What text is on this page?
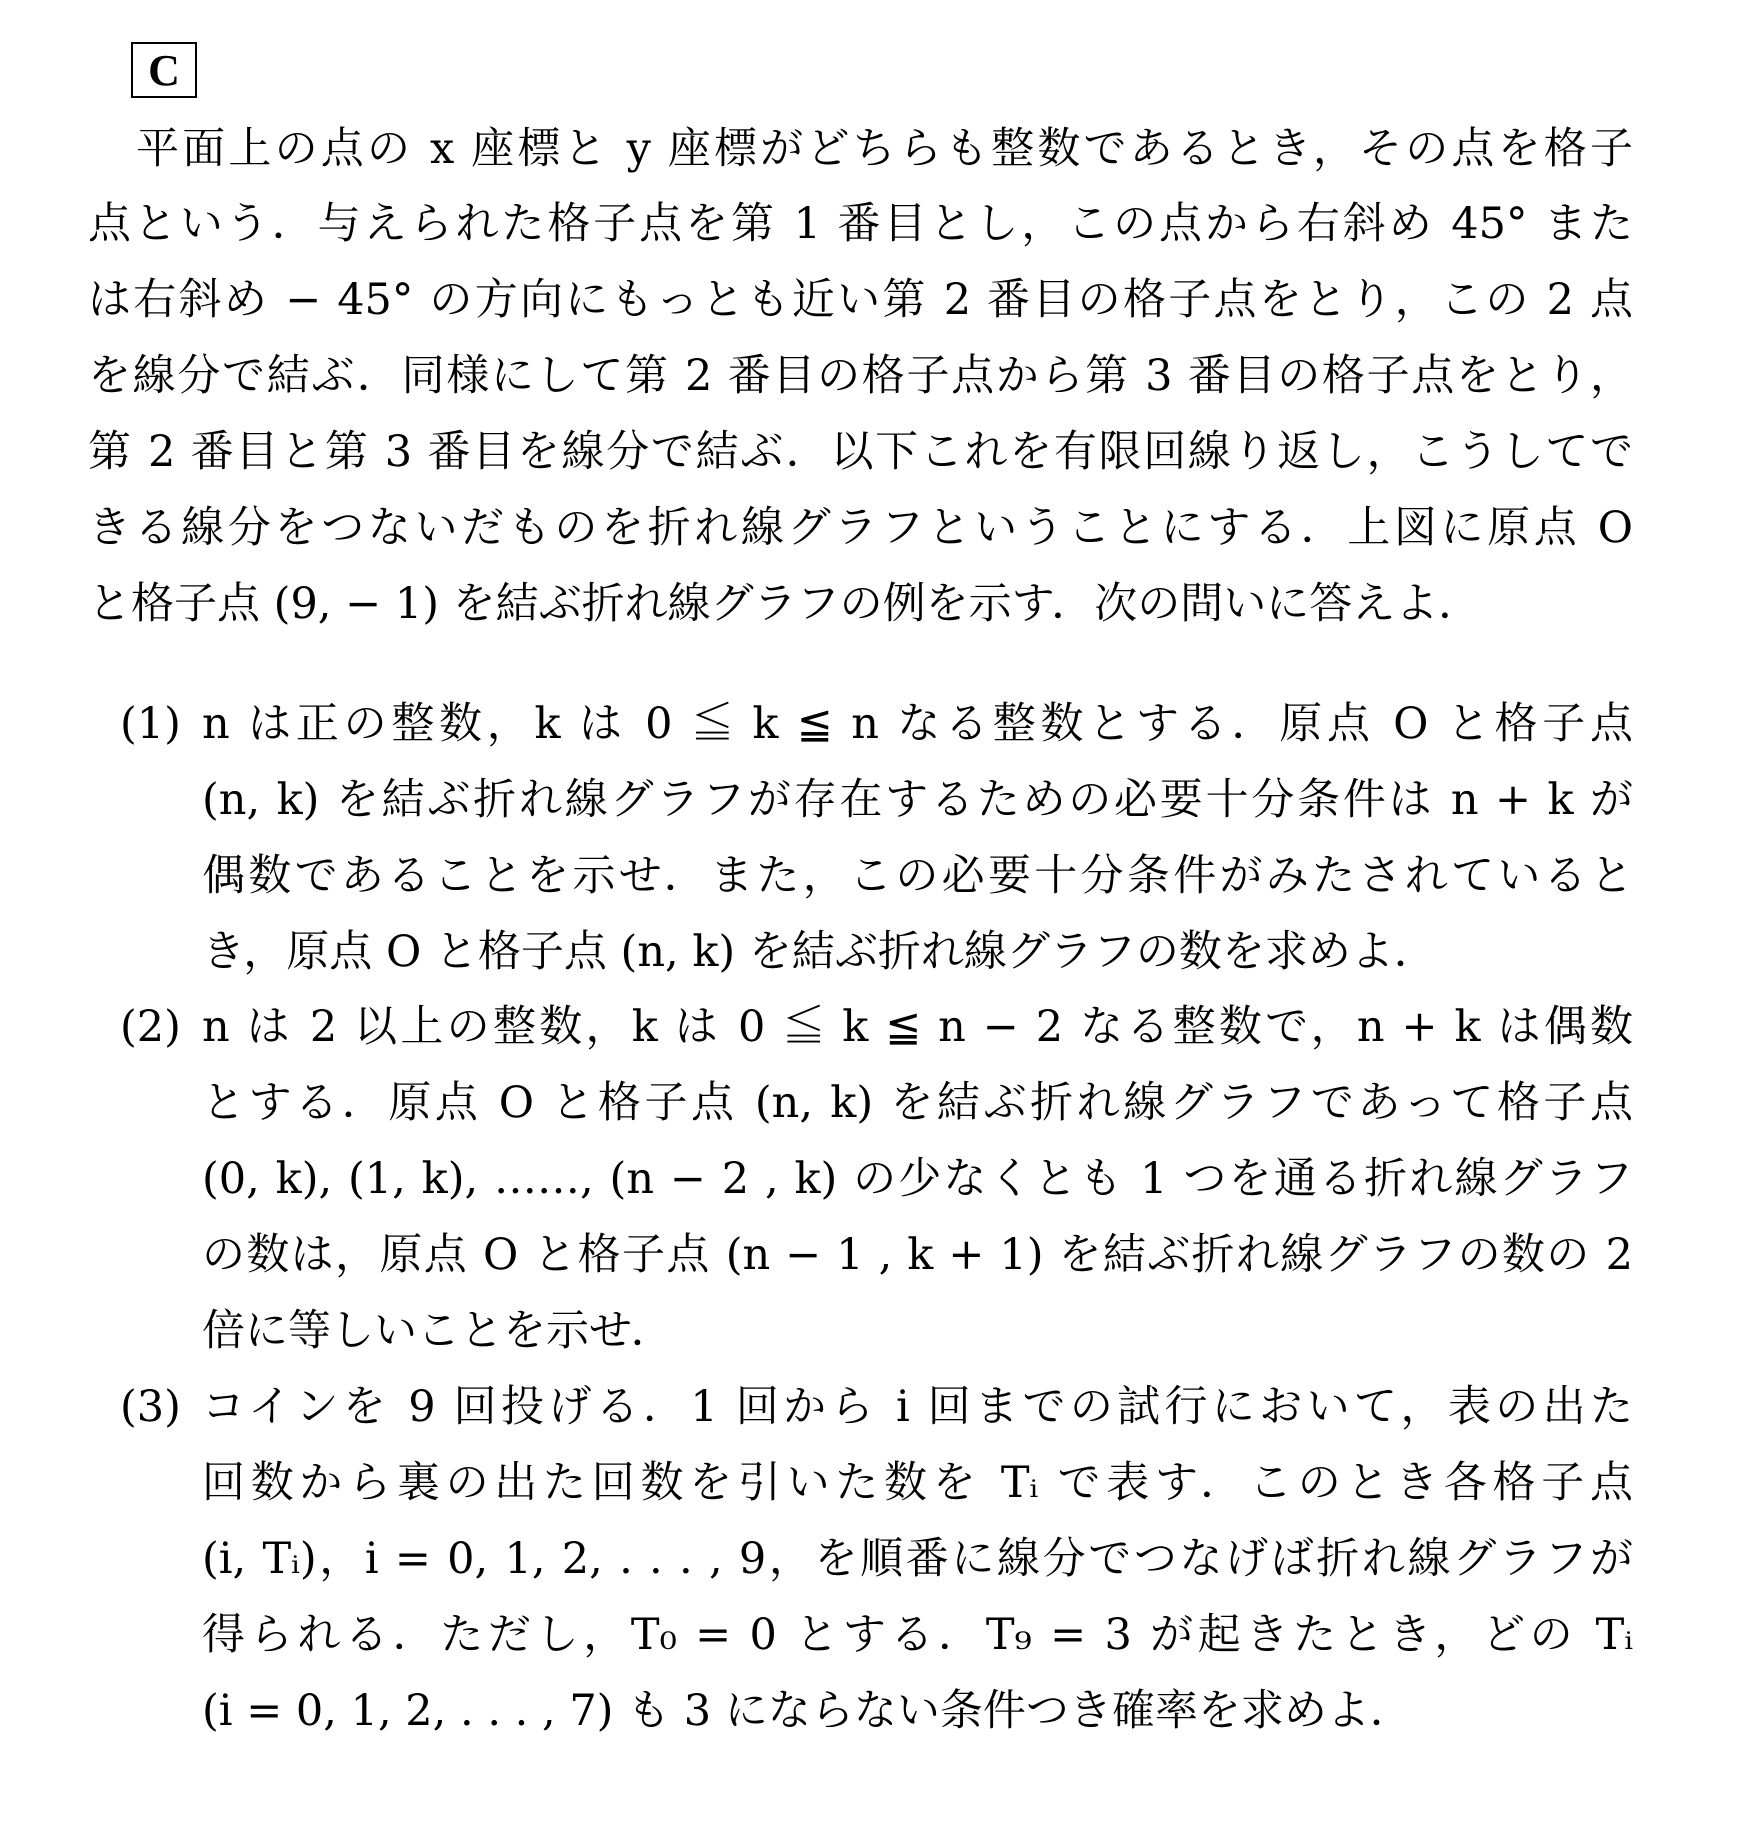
C
平面上の点の x 座標と y 座標がどちらも整数であるとき，その点を格子
点という．与えられた格子点を第 1 番目とし，この点から右斜め 45° また
は右斜め − 45° の方向にもっとも近い第 2 番目の格子点をとり，この 2 点
を線分で結ぶ．同様にして第 2 番目の格子点から第 3 番目の格子点をとり，
第 2 番目と第 3 番目を線分で結ぶ．以下これを有限回線り返し，こうしてで
きる線分をつないだものを折れ線グラフということにする．上図に原点 O
と格子点 (9, − 1) を結ぶ折れ線グラフの例を示す．次の問いに答えよ．
(1) n は正の整数，k は 0 ≦ k ≦ n なる整数とする．原点 O と格子点
(n, k) を結ぶ折れ線グラフが存在するための必要十分条件は n + k が
偶数であることを示せ．また，この必要十分条件がみたされていると
き，原点 O と格子点 (n, k) を結ぶ折れ線グラフの数を求めよ．
(2) n は 2 以上の整数，k は 0 ≦ k ≦ n − 2 なる整数で，n + k は偶数
とする．原点 O と格子点 (n, k) を結ぶ折れ線グラフであって格子点
(0, k), (1, k), ……, (n − 2 , k) の少なくとも 1 つを通る折れ線グラフ
の数は，原点 O と格子点 (n − 1 , k + 1) を結ぶ折れ線グラフの数の 2
倍に等しいことを示せ．
(3) コインを 9 回投げる．1 回から i 回までの試行において，表の出た
回数から裏の出た回数を引いた数を Tᵢ で表す．このとき各格子点
(i, Tᵢ)，i = 0, 1, 2, . . . , 9，を順番に線分でつなげば折れ線グラフが
得られる．ただし，T₀ = 0 とする．T₉ = 3 が起きたとき，どの Tᵢ
(i = 0, 1, 2, . . . , 7) も 3 にならない条件つき確率を求めよ．
